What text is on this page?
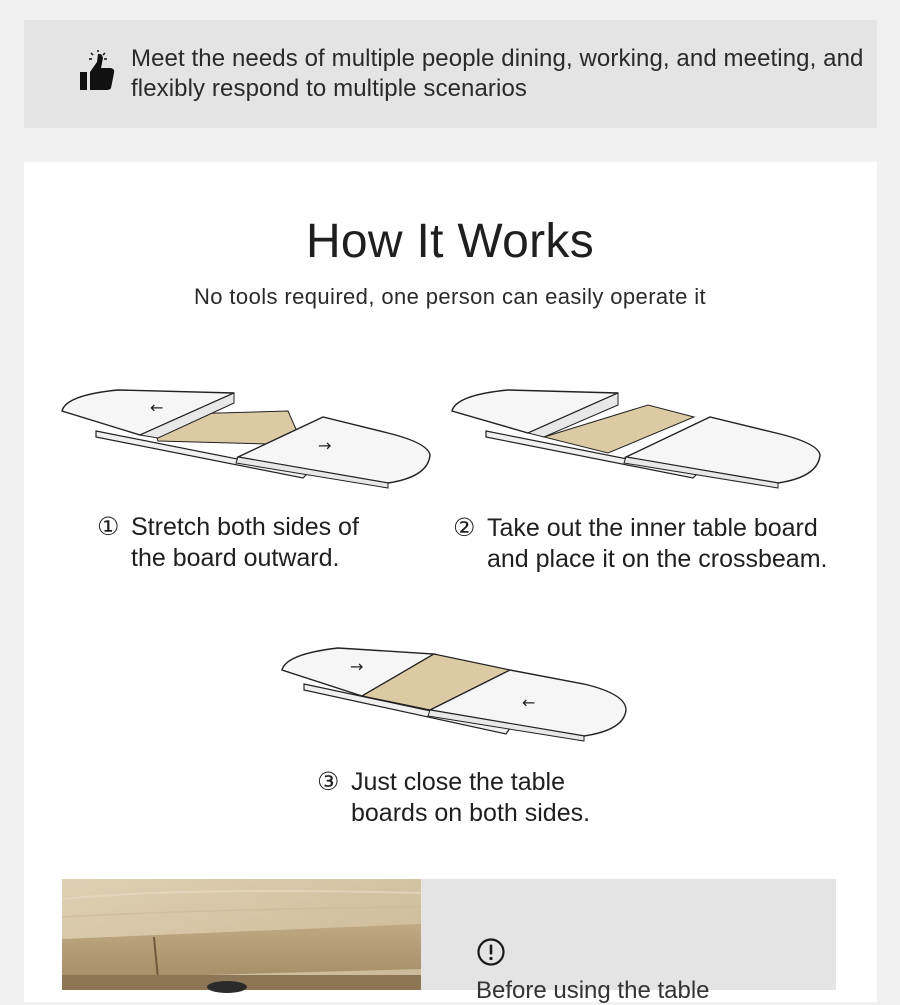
Meet the needs of multiple people dining, working, and meeting, and flexibly respond to multiple scenarios
How It Works
No tools required, one person can easily operate it
←
→
→
←
① Stretch both sides of
the board outward.
② Take out the inner table board
and place it on the crossbeam.
③ Just close the table
boards on both sides.
Before using the table
